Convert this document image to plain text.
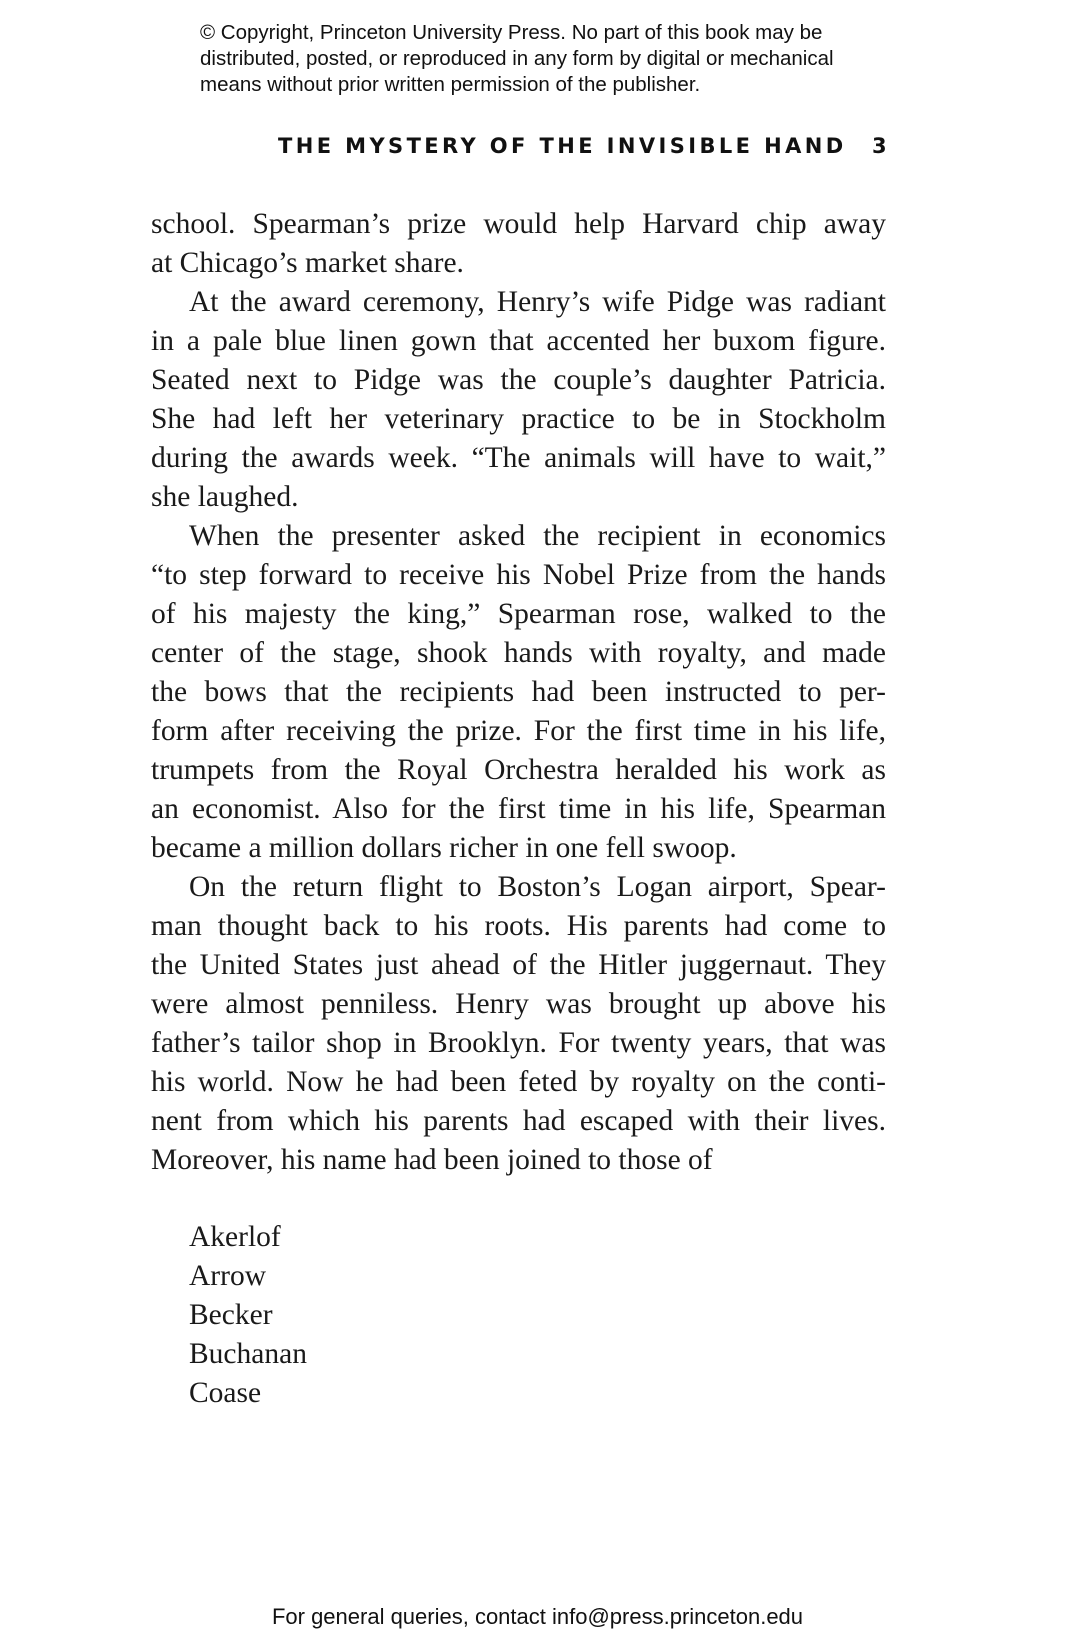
© Copyright, Princeton University Press. No part of this book may be
distributed, posted, or reproduced in any form by digital or mechanical
means without prior written permission of the publisher.
THE MYSTERY OF THE INVISIBLE HAND 3
school. Spearman’s prize would help Harvard chip away
at Chicago’s market share.
At the award ceremony, Henry’s wife Pidge was radiant
in a pale blue linen gown that accented her buxom figure.
Seated next to Pidge was the couple’s daughter Patricia.
She had left her veterinary practice to be in Stockholm
during the awards week. “The animals will have to wait,”
she laughed.
When the presenter asked the recipient in economics
“to step forward to receive his Nobel Prize from the hands
of his majesty the king,” Spearman rose, walked to the
center of the stage, shook hands with royalty, and made
the bows that the recipients had been instructed to per-
form after receiving the prize. For the first time in his life,
trumpets from the Royal Orchestra heralded his work as
an economist. Also for the first time in his life, Spearman
became a million dollars richer in one fell swoop.
On the return flight to Boston’s Logan airport, Spear-
man thought back to his roots. His parents had come to
the United States just ahead of the Hitler juggernaut. They
were almost penniless. Henry was brought up above his
father’s tailor shop in Brooklyn. For twenty years, that was
his world. Now he had been feted by royalty on the conti-
nent from which his parents had escaped with their lives.
Moreover, his name had been joined to those of
Akerlof
Arrow
Becker
Buchanan
Coase
For general queries, contact info@press.princeton.edu
